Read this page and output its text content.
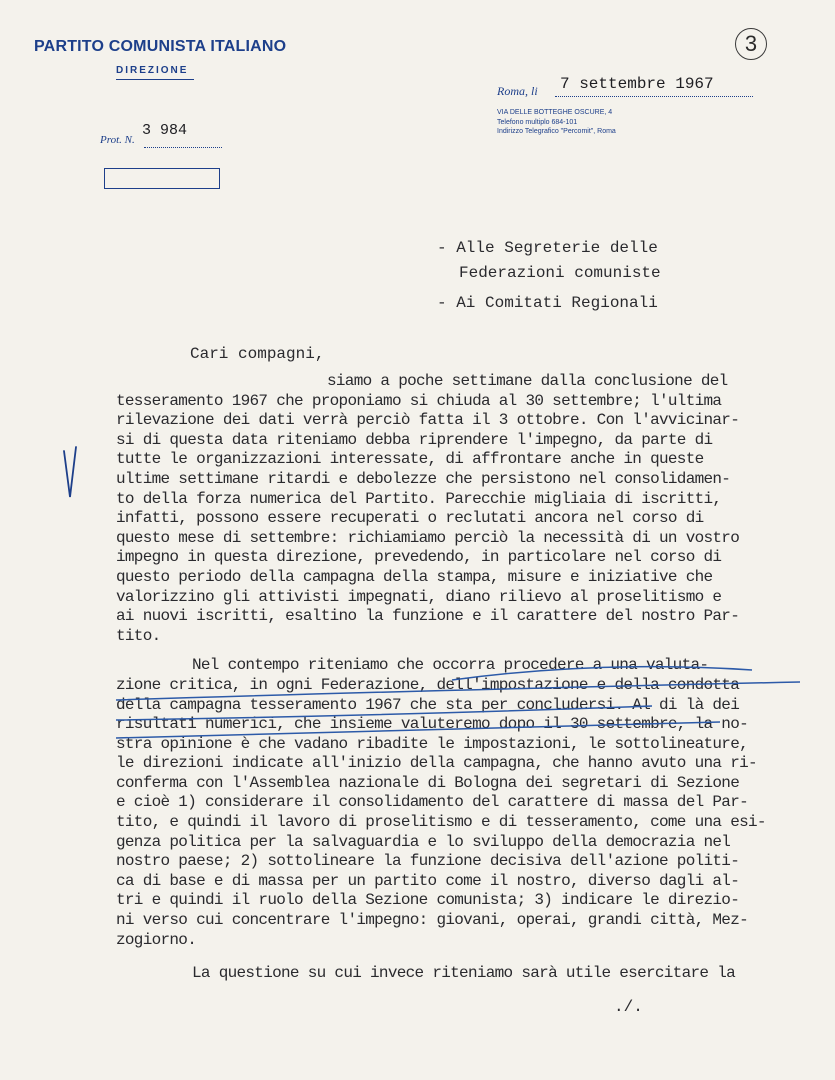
PARTITO COMUNISTA ITALIANO
DIREZIONE
3
Roma, li 7 settembre 1967
VIA DELLE BOTTEGHE OSCURE, 4
Telefono multiplo 684-101
Indirizzo Telegrafico "Percomit", Roma
Prot. N.
3 984
- Alle Segreterie delle
Federazioni comuniste
- Ai Comitati Regionali
Cari compagni,
siamo a poche settimane dalla conclusione del
tesseramento 1967 che proponiamo si chiuda al 30 settembre; l'ultima
rilevazione dei dati verrà perciò fatta il 3 ottobre. Con l'avvicinar-
si di questa data riteniamo debba riprendere l'impegno, da parte di
tutte le organizzazioni interessate, di affrontare anche in queste
ultime settimane ritardi e debolezze che persistono nel consolidamen-
to della forza numerica del Partito. Parecchie migliaia di iscritti,
infatti, possono essere recuperati o reclutati ancora nel corso di
questo mese di settembre: richiamiamo perciò la necessità di un vostro
impegno in questa direzione, prevedendo, in particolare nel corso di
questo periodo della campagna della stampa, misure e iniziative che
valorizzino gli attivisti impegnati, diano rilievo al proselitismo e
ai nuovi iscritti, esaltino la funzione e il carattere del nostro Par-
tito.
Nel contempo riteniamo che occorra procedere a una valuta-
zione critica, in ogni Federazione, dell'impostazione e della condotta
della campagna tesseramento 1967 che sta per concludersi. Al di là dei
risultati numerici, che insieme valuteremo dopo il 30 settembre, la no-
stra opinione è che vadano ribadite le impostazioni, le sottolineature,
le direzioni indicate all'inizio della campagna, che hanno avuto una ri-
conferma con l'Assemblea nazionale di Bologna dei segretari di Sezione
e cioè 1) considerare il consolidamento del carattere di massa del Par-
tito, e quindi il lavoro di proselitismo e di tesseramento, come una esi-
genza politica per la salvaguardia e lo sviluppo della democrazia nel
nostro paese; 2) sottolineare la funzione decisiva dell'azione politi-
ca di base e di massa per un partito come il nostro, diverso dagli al-
tri e quindi il ruolo della Sezione comunista; 3) indicare le direzio-
ni verso cui concentrare l'impegno: giovani, operai, grandi città, Mez-
zogiorno.
La questione su cui invece riteniamo sarà utile esercitare la
./.
